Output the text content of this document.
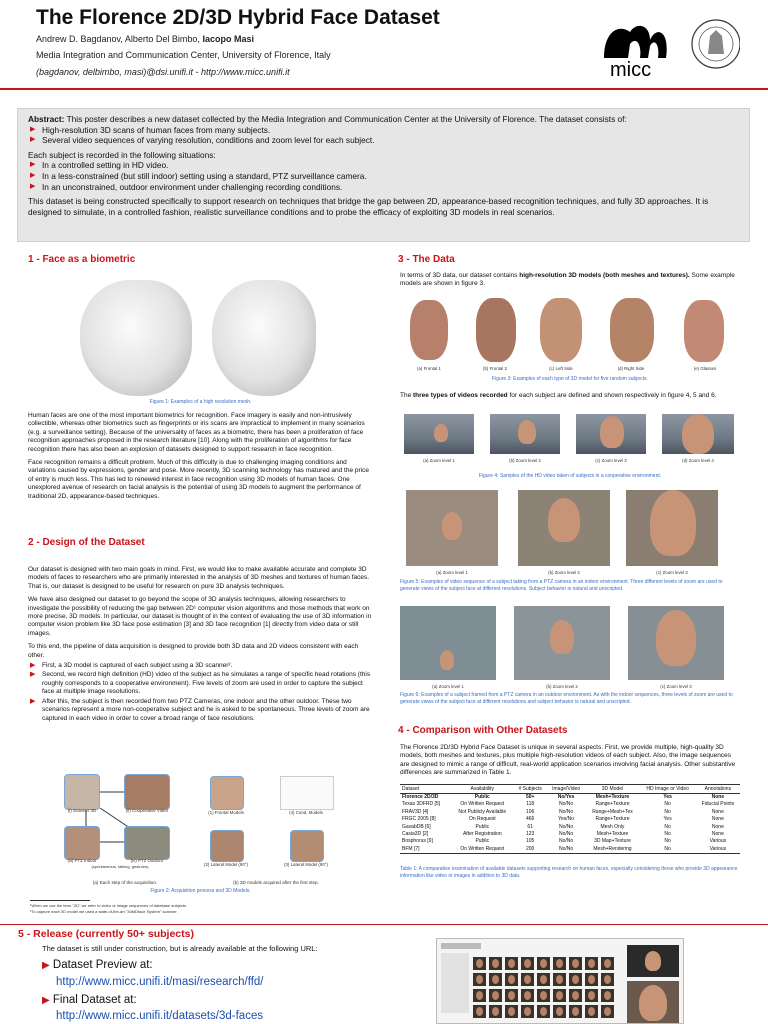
The Florence 2D/3D Hybrid Face Dataset
Andrew D. Bagdanov, Alberto Del Bimbo, Iacopo Masi
Media Integration and Communication Center, University of Florence, Italy
(bagdanov, delbimbo, masi)@dsi.unifi.it - http://www.micc.unifi.it	micc

Abstract: This poster describes a new dataset collected by the Media Integration and Communication Center at the University of Florence. The dataset consists of:

▶ High-resolution 3D scans of human faces from many subjects.

▶ Several video sequences of varying resolution, conditions and zoom level for each subject.

Each subject is recorded in the following situations:

▶ In a controlled setting in HD video.

▶ In a less-constrained (but still indoor) setting using a standard, PTZ surveillance camera.

▶ In an unconstrained, outdoor environment under challenging recording conditions.

This dataset is being constructed specifically to support research on techniques that bridge the gap between 2D, appearance-based recognition techniques, and fully 3D approaches. It is designed to simulate, in a controlled fashion, realistic surveillance conditions and to probe the efficacy of exploiting 3D models in real scenarios.

1 - Face as a biometric
Figure 1: Examples of a high resolution mesh.

Human faces are one of the most important biometrics for recognition. Face imagery is easily and non-intrusively collectible, whereas other biometrics such as fingerprints or iris scans are impractical to implement in many scenarios (e.g. a surveillance setting). Because of the universality of faces as a biometric, there has been a proliferation of face recognition approaches proposed in the research literature [10]. Along with the proliferation of algorithms for face recognition there has also been an explosion of datasets designed to support research in face recognition.

Face recognition remains a difficult problem. Much of this difficulty is due to challenging imaging conditions and variations caused by expressions, gender and pose. More recently, 3D scanning technology has matured and the price of entry is much less. This has led to renewed interest in face recognition using 3D models of human faces. One unexplored avenue of research on facial analysis is the potential of using 3D models to augment the performance of traditional 2D, appearance-based techniques.

2 - Design of the Dataset

Our dataset is designed with two main goals in mind. First, we would like to make available accurate and complete 3D models of faces to researchers who are primarily interested in the analysis of 3D meshes and textures of human faces. That is, our dataset is designed to be useful for research on pure 3D analysis techniques.

We have also designed our dataset to go beyond the scope of 3D analysis techniques, allowing researchers to investigate the possibility of reducing the gap between 2D¹ computer vision algorithms and those methods that work on more precise, 3D models. In particular, our dataset is thought of in the context of evaluating the use of 3D information in computer vision problem like 3D face pose estimation [3] and 3D face recognition [1] directly from video data or still images.

To this end, the pipeline of data acquisition is designed to provide both 3D data and 2D videos consistent with each other.

▶ First, a 3D model is captured of each subject using a 3D scanner².

▶ Second, we record high definition (HD) video of the subject as he simulates a range of specific head rotations (this roughly corresponds to a cooperative environment). Five levels of zoom are used in order to capture the subject face at multiple image resolutions.

▶ After this, the subject is then recorded from two PTZ Cameras, one indoor and the other outdoor. These two scenarios represent a more non-cooperative subject and he is asked to be spontaneous. Three levels of zoom are captured in each video in order to cover a broad range of face resolutions.

(i) Scanner 3D	(ii) Cooperative Video
(iii) PTZ Indoor	(iv) PTZ Outdoor
(spontaneous, talking, gestures)
(1) Frontal Models	(4) Cond. Models
(2) Lateral Model (90°)	(3) Lateral Model (90°)
(a) Each step of the acquisition.	(b) 3D models acquired after the first step.
Figure 2: Acquisition process and 3D Models.
¹When we use the term "2D" we refer to video or image sequences of database subjects.
²To capture each 3D model we used a state-of-the-art "3dMDface System" scanner.
3 - The Data
In terms of 3D data, our dataset contains high-resolution 3D models (both meshes and textures). Some example models are shown in figure 3.
(a) Frontal 1	(b) Frontal 2	(c) Left Side	(d) Right Side	(e) Glasses
Figure 3: Examples of each type of 3D model for five random subjects.
The three types of videos recorded for each subject are defined and shown respectively in figure 4, 5 and 6.
(a) Zoom level 1	(b) Zoom level 2	(c) Zoom level 3	(d) Zoom level 4
Figure 4: Samples of the HD video taken of subjects in a cooperative environment.
(a) Zoom level 1	(b) Zoom level 2	(c) Zoom level 3
Figure 5: Examples of video sequence of a subject taking from a PTZ camera in an indoor environment. Three different levels of zoom are used to generate views of the subject face at different resolutions. Subject behavior is natural and unscripted.
(a) Zoom level 1	(b) Zoom level 2	(c) Zoom level 3
Figure 6: Examples of a subject framed from a PTZ camera in an outdoor environment. As with the indoor sequences, three levels of zoom are used to generate views of the subject face at different resolutions and subject behavior is natural and unscripted.
4 - Comparison with Other Datasets
The Florence 2D/3D Hybrid Face Dataset is unique in several aspects. First, we provide multiple, high-quality 3D models, both meshes and textures, plus multiple high-resolution videos of each subject. Also, the image sequences are designed to mimic a range of difficult, real-world application scenarios involving facial analysis. Other substantive differences are summarized in Table 1.
Dataset	Availability	# Subjects	Image/Video	3D Model	HD Image or Video	Annotations
Florence 2D/3D	Public	50+	No/Yes	Mesh+Texture	Yes	None
Texas 3DFRD [5]	On Written Request	118	No/No	Range+Texture	No	Fiducial Points
FRAV3D [4]	Not Publicly Available	106	No/No	Range+Mesh+Tex	No	None
FRGC 2005 [8]	On Request	466	Yes/No	Range+Texture	Yes	None
GavabDB [6]	Public	61	No/No	Mesh Only	No	None
Casia3D [2]	After Registration	123	No/No	Mesh+Texture	No	None
Bosphorus [9]	Public	105	No/No	3D Map+Texture	No	Various
BFM [7]	On Written Request	200	No/No	Mesh+Rendering	No	Various
Table 1: A comparative examination of available datasets supporting research on human faces, especially considering those who provide 3D appearance information like video or images in addition to 3D data.
5 - Release (currently 50+ subjects)
The dataset is still under construction, but is already available at the following URL:
▶ Dataset Preview at:
http://www.micc.unifi.it/masi/research/ffd/
▶ Final Dataset at:
http://www.micc.unifi.it/datasets/3d-faces
